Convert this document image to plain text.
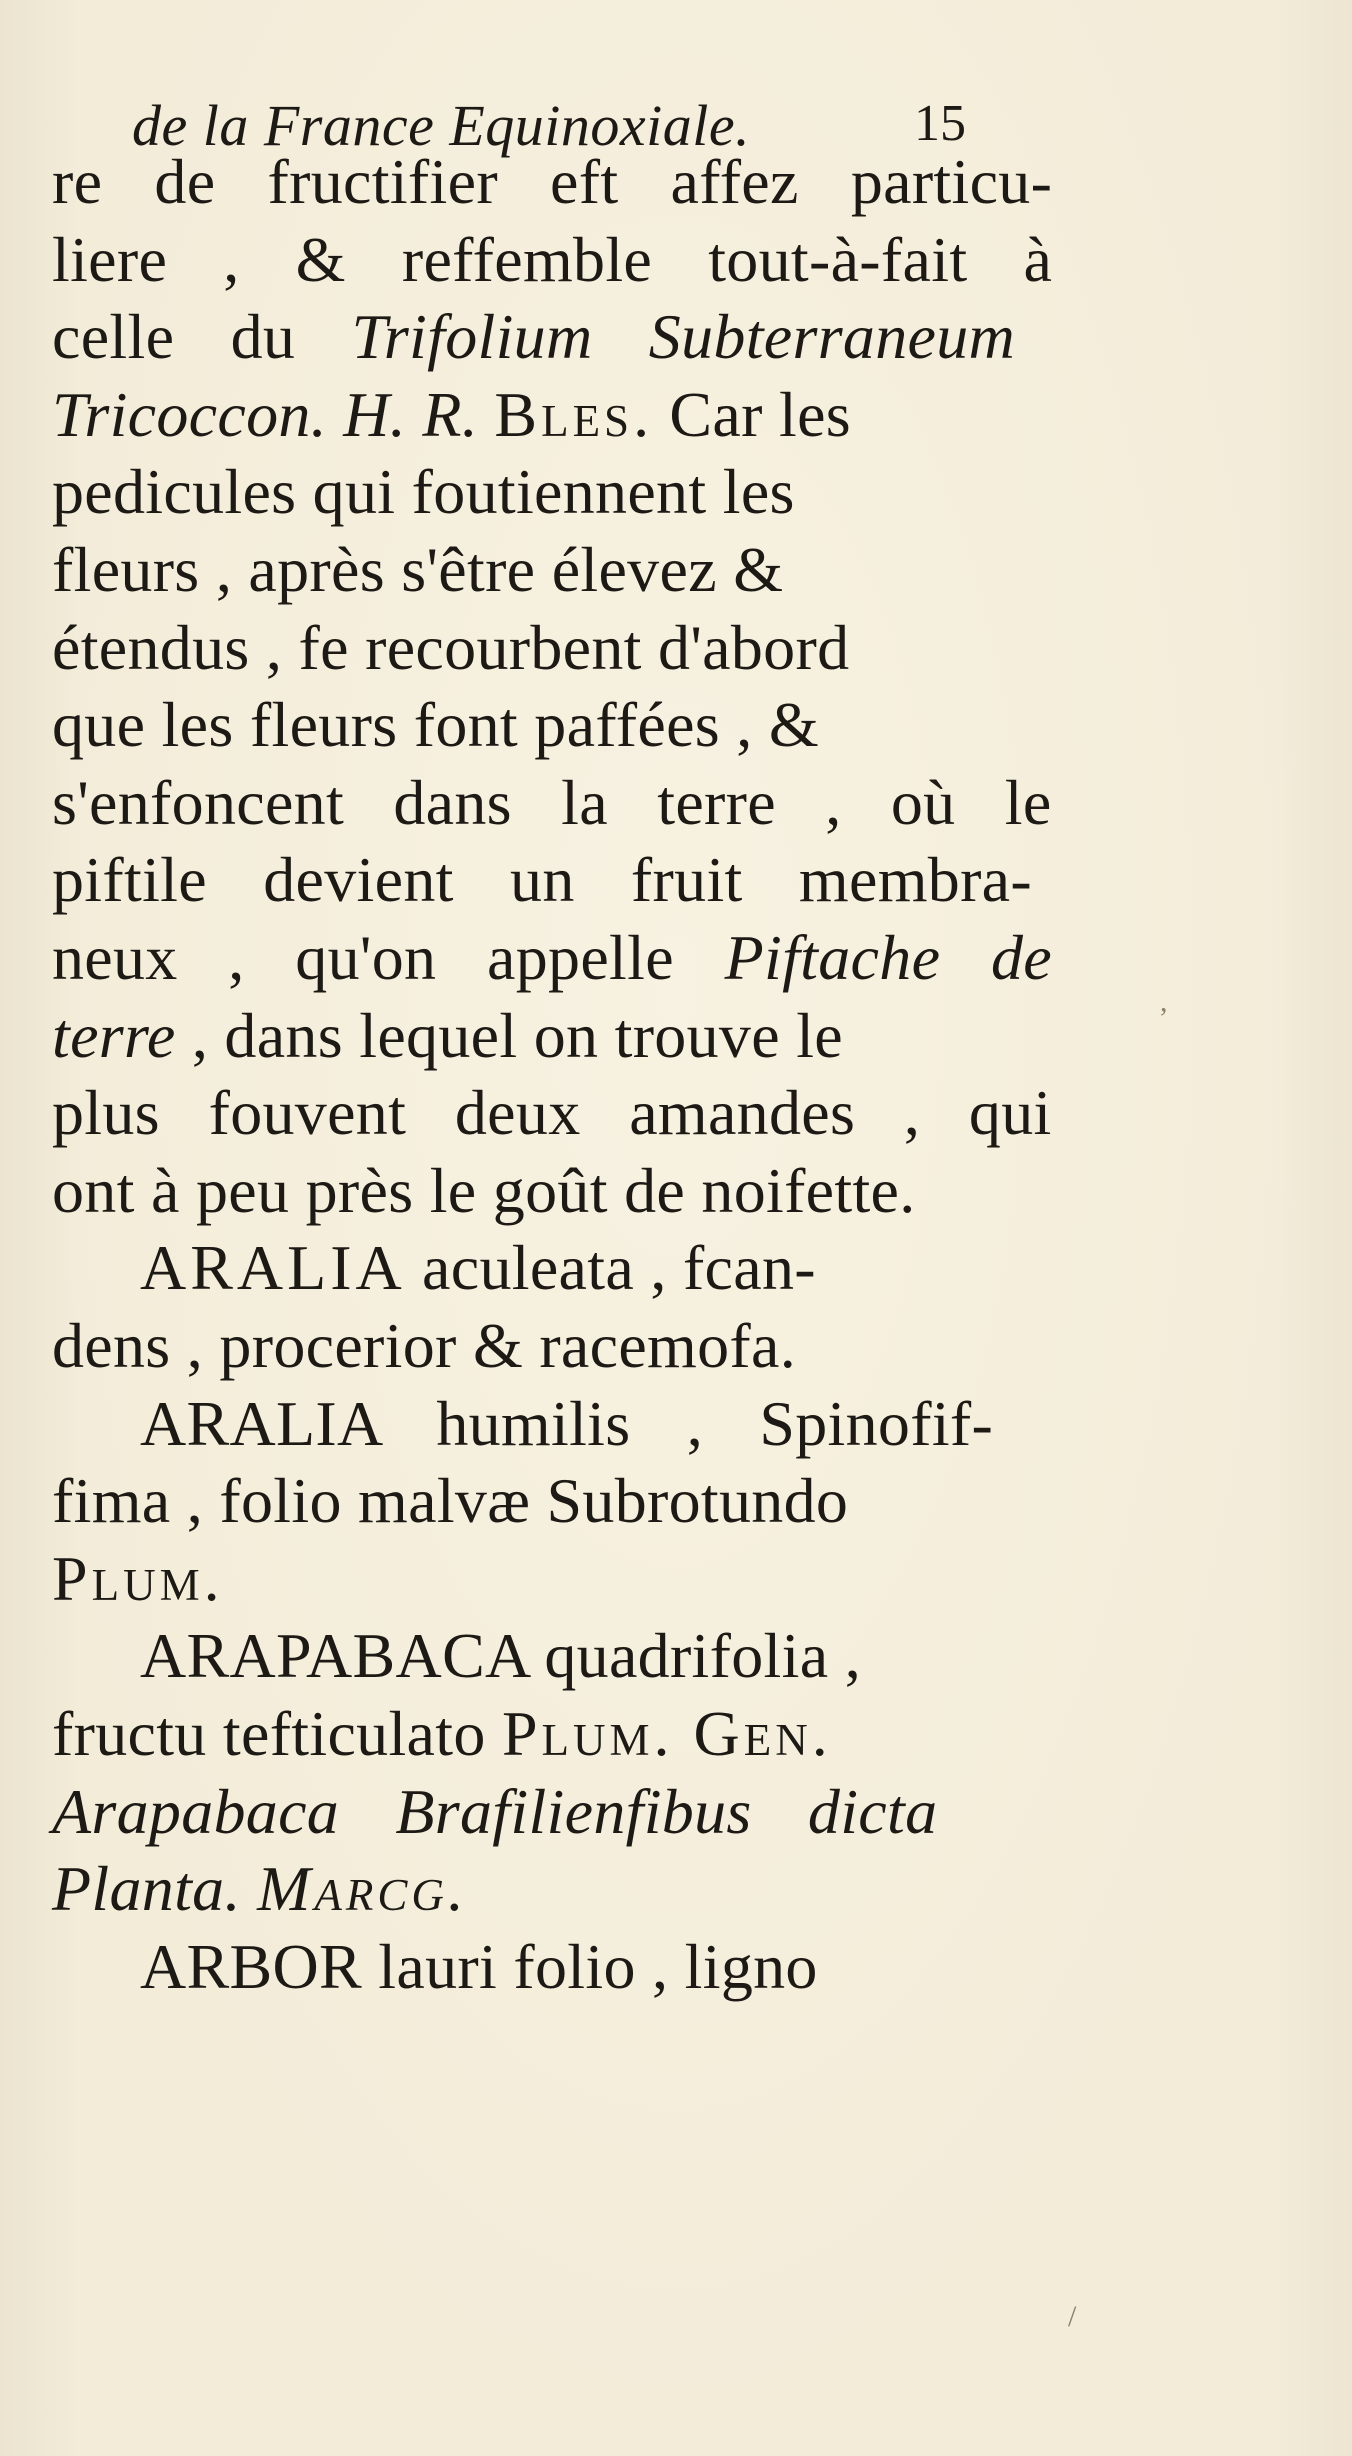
de la France Equinoxiale.	15
re de fructifier eft affez particu-
liere , & reffemble tout-à-fait à
celle du Trifolium Subterraneum
Tricoccon. H. R. Bles. Car les
pedicules qui foutiennent les
fleurs , après s'être élevez &
étendus , fe recourbent d'abord
que les fleurs font paffées , &
s'enfoncent dans la terre , où le
piftile devient un fruit membra-
neux , qu'on appelle Piftache de
terre , dans lequel on trouve le
plus fouvent deux amandes , qui
ont à peu près le goût de noifette.
ARALIA aculeata , fcan-
dens , procerior & racemofa.
ARALIA humilis , Spinofif-
fima , folio malvæ Subrotundo
Plum.
ARAPABACA quadrifolia ,
fructu tefticulato Plum. Gen.
Arapabaca Brafilienfibus dicta
Planta. Marcg.
ARBOR lauri folio , ligno
,
/
